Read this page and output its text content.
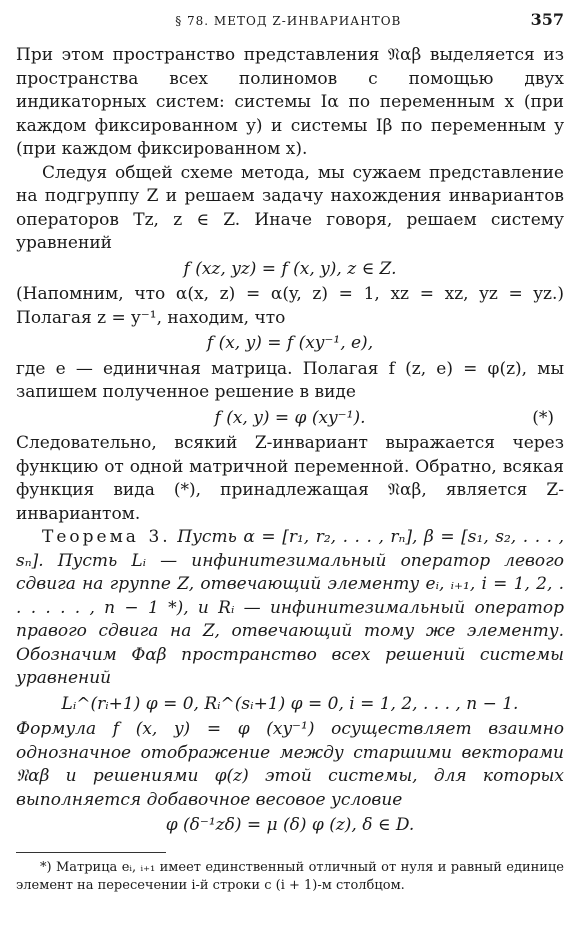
§ 78. МЕТОД Z-ИНВАРИАНТОВ	357

При этом пространство представления 𝔑αβ выделяется из пространства всех полиномов с помощью двух индикаторных систем: системы Iα по переменным x (при каждом фиксированном y) и системы Iβ по переменным y (при каждом фиксированном x).

Следуя общей схеме метода, мы сужаем представление на подгруппу Z и решаем задачу нахождения инвариантов операторов Tz, z ∈ Z. Иначе говоря, решаем систему уравнений

f (xz, yz) = f (x, y), z ∈ Z.

(Напомним, что α(x, z) = α(y, z) = 1, xz = xz, yz = yz.) Полагая z = y⁻¹, находим, что

f (x, y) = f (xy⁻¹, e),

где e — единичная матрица. Полагая f (z, e) = φ(z), мы запишем полученное решение в виде

f (x, y) = φ (xy⁻¹).	(*)

Следовательно, всякий Z-инвариант выражается через функцию от одной матричной переменной. Обратно, всякая функция вида (*), принадлежащая 𝔑αβ, является Z-инвариантом.

Теорема 3. Пусть α = [r₁, r₂, . . . , rₙ], β = [s₁, s₂, . . . , sₙ]. Пусть Lᵢ — инфинитезимальный оператор левого сдвига на группе Z, отвечающий элементу eᵢ, ᵢ₊₁, i = 1, 2, . . . . . . , n − 1 *), и Rᵢ — инфинитезимальный оператор правого сдвига на Z, отвечающий тому же элементу. Обозначим Φαβ пространство всех решений системы уравнений

Lᵢ^(rᵢ+1) φ = 0, Rᵢ^(sᵢ+1) φ = 0, i = 1, 2, . . . , n − 1.

Формула f (x, y) = φ (xy⁻¹) осуществляет взаимно однозначное отображение между старшими векторами 𝔑αβ и решениями φ(z) этой системы, для которых выполняется добавочное весовое условие

φ (δ⁻¹zδ) = μ (δ) φ (z), δ ∈ D.

*) Матрица eᵢ, ᵢ₊₁ имеет единственный отличный от нуля и равный единице элемент на пересечении i-й строки с (i + 1)-м столбцом.
